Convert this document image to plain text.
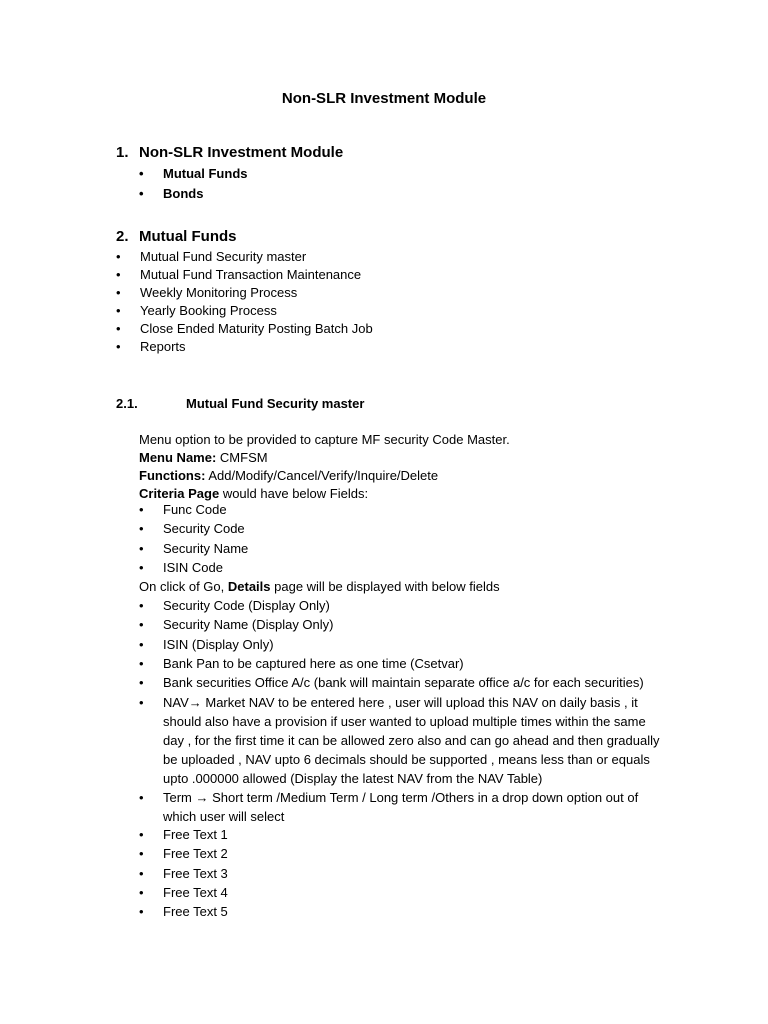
Non-SLR Investment Module
1. Non-SLR Investment Module
• Mutual Funds
• Bonds
2. Mutual Funds
• Mutual Fund Security master
• Mutual Fund Transaction Maintenance
• Weekly Monitoring Process
• Yearly Booking Process
• Close Ended Maturity Posting Batch Job
• Reports
2.1.	Mutual Fund Security master
Menu option to be provided to capture MF security Code Master.
Menu Name: CMFSM
Functions: Add/Modify/Cancel/Verify/Inquire/Delete
Criteria Page would have below Fields:
• Func Code
• Security Code
• Security Name
• ISIN Code
On click of Go, Details page will be displayed with below fields
• Security Code (Display Only)
• Security Name (Display Only)
• ISIN (Display Only)
• Bank Pan to be captured here as one time (Csetvar)
• Bank securities Office A/c (bank will maintain separate office a/c for each securities)
• NAV→ Market NAV to be entered here , user will upload this NAV on daily basis , it should also have a provision if user wanted to upload multiple times within the same day , for the first time it can be allowed zero also and can go ahead and then gradually be uploaded , NAV upto 6 decimals should be supported , means less than or equals upto .000000 allowed (Display the latest NAV from the NAV Table)
• Term → Short term /Medium Term / Long term /Others in a drop down option out of which user will select
• Free Text 1
• Free Text 2
• Free Text 3
• Free Text 4
• Free Text 5
